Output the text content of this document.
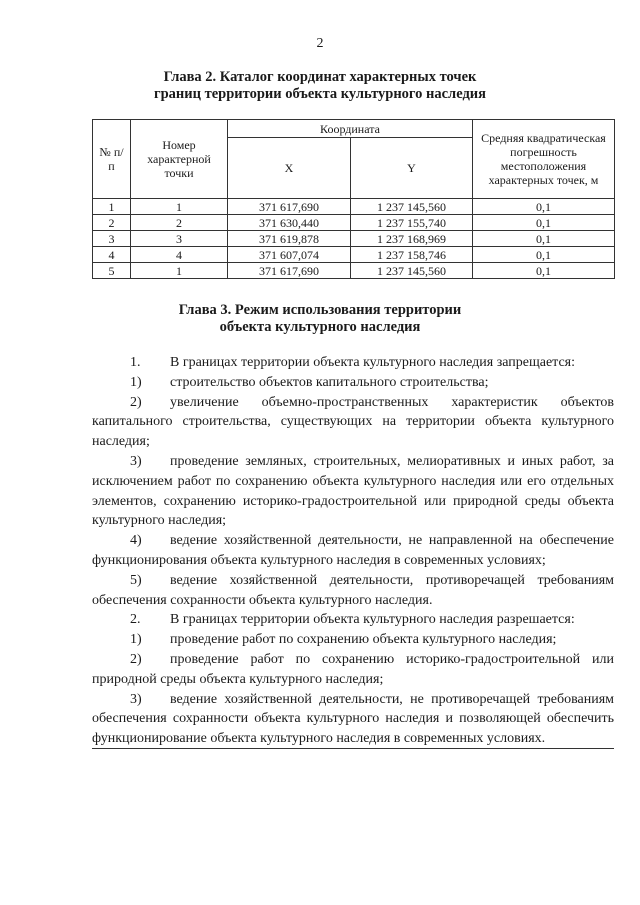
2
Глава 2. Каталог координат характерных точек
границ территории объекта культурного наследия
№ п/п	Номер характерной точки	Координата		Средняя квадратическая погрешность местоположения характерных точек, м
		X	Y	
1	1	371 617,690	1 237 145,560	0,1
2	2	371 630,440	1 237 155,740	0,1
3	3	371 619,878	1 237 168,969	0,1
4	4	371 607,074	1 237 158,746	0,1
5	1	371 617,690	1 237 145,560	0,1
Глава 3. Режим использования территории
объекта культурного наследия

1. В границах территории объекта культурного наследия запрещается:

1) строительство объектов капитального строительства;

2) увеличение объемно-пространственных характеристик объектов капитального строительства, существующих на территории объекта культурного наследия;

3) проведение земляных, строительных, мелиоративных и иных работ, за исключением работ по сохранению объекта культурного наследия или его отдельных элементов, сохранению историко-градостроительной или природной среды объекта культурного наследия;

4) ведение хозяйственной деятельности, не направленной на обеспечение функционирования объекта культурного наследия в современных условиях;

5) ведение хозяйственной деятельности, противоречащей требованиям обеспечения сохранности объекта культурного наследия.

2. В границах территории объекта культурного наследия разрешается:

1) проведение работ по сохранению объекта культурного наследия;

2) проведение работ по сохранению историко-градостроительной или природной среды объекта культурного наследия;

3) ведение хозяйственной деятельности, не противоречащей требованиям обеспечения сохранности объекта культурного наследия и позволяющей обеспечить функционирование объекта культурного наследия в современных условиях.
